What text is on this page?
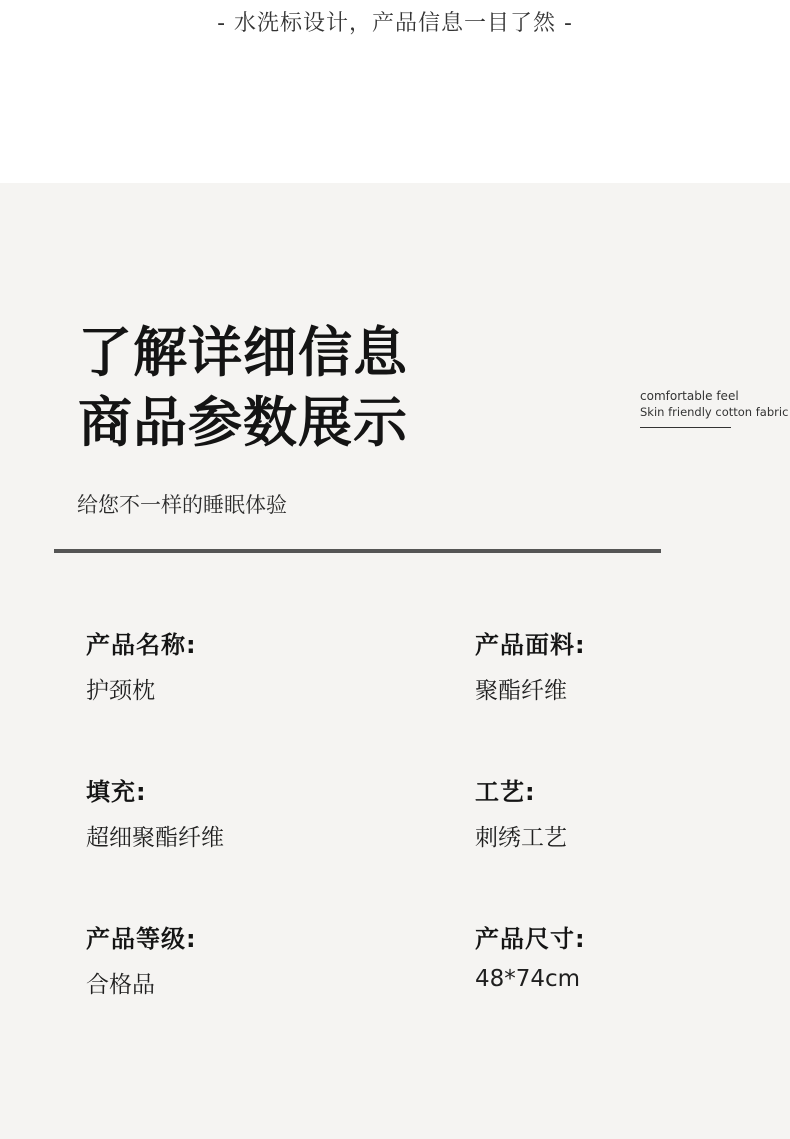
- 水洗标设计，产品信息一目了然 -
了解详细信息
商品参数展示
给您不一样的睡眠体验
comfortable feel
Skin friendly cotton fabric
产品名称:
护颈枕
产品面料:
聚酯纤维
填充:
超细聚酯纤维
工艺:
刺绣工艺
产品等级:
合格品
产品尺寸:
48*74cm
